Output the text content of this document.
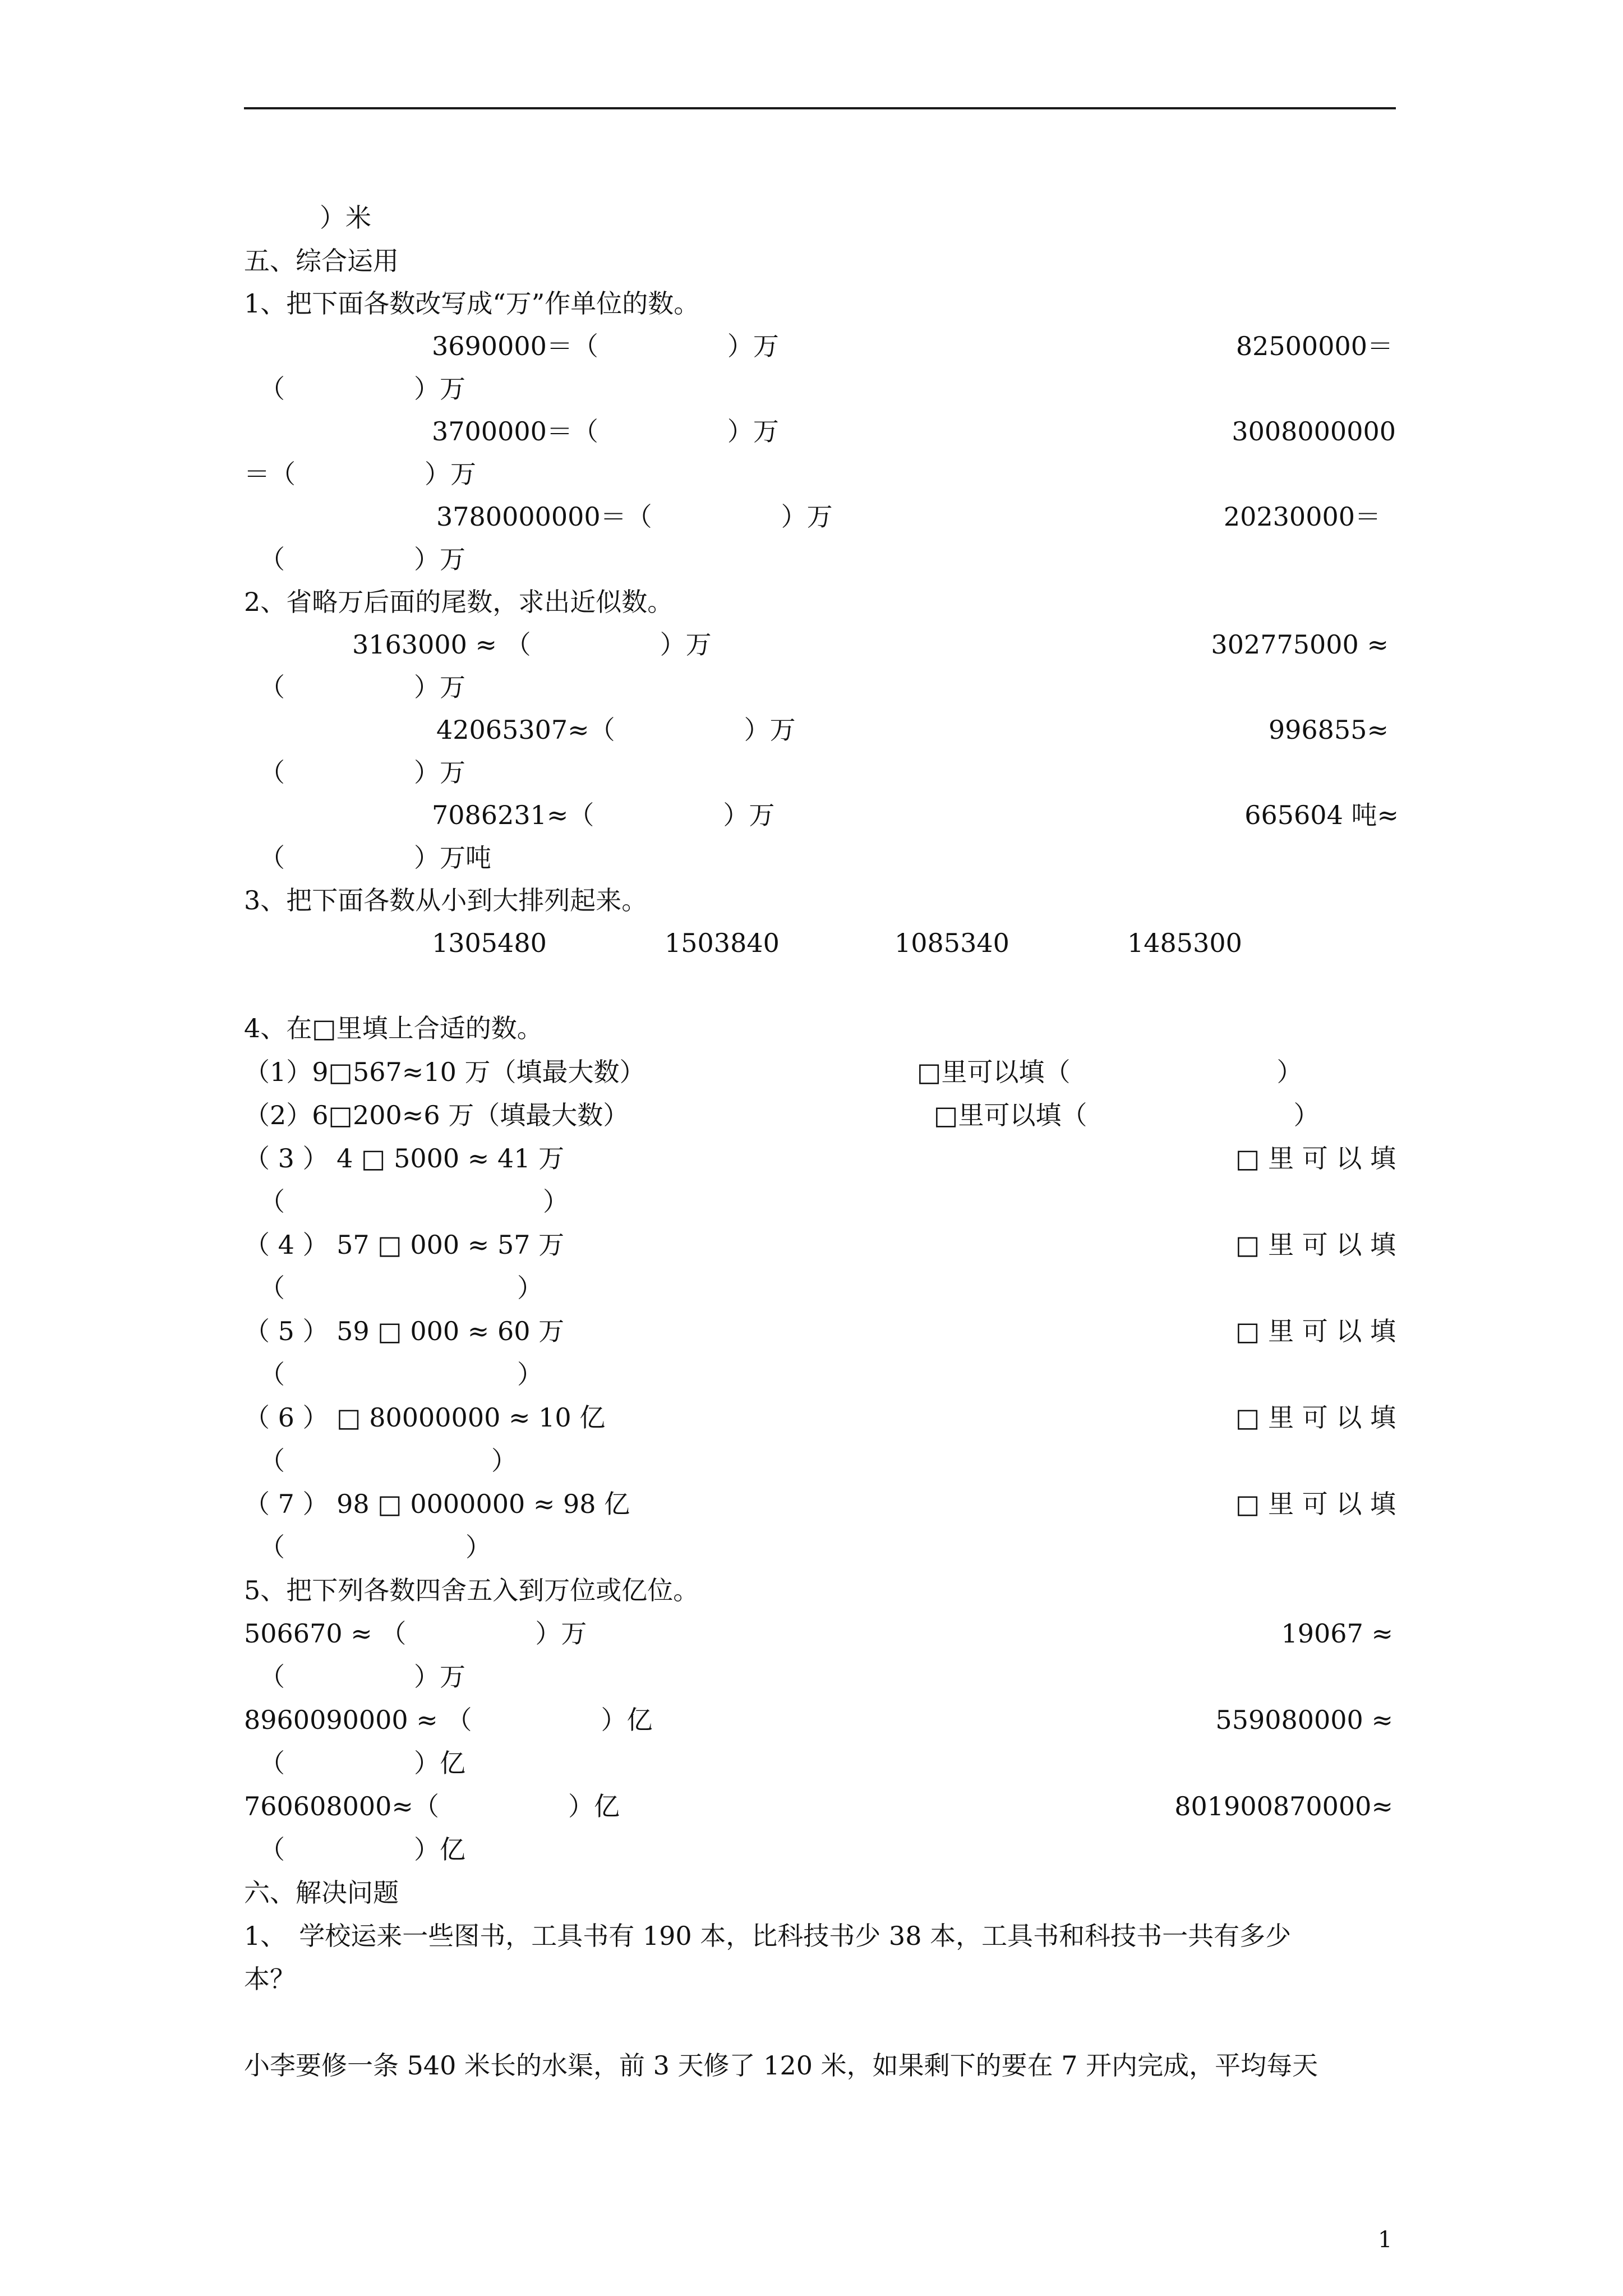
）米
五、综合运用
1、把下面各数改写成“万”作单位的数。
3690000＝（　　　　　）万	82500000＝
（　　　　　）万
3700000＝（　　　　　）万	3008000000
＝（　　　　　）万
3780000000＝（　　　　　）万	20230000＝
（　　　　　）万
2、省略万后面的尾数，求出近似数。
3163000 ≈ （　　　　　）万	302775000 ≈
（　　　　　）万
42065307≈（　　　　　）万	996855≈
（　　　　　）万
7086231≈（　　　　　）万	665604 吨≈
（　　　　　）万吨
3、把下面各数从小到大排列起来。
1305480	1503840	1085340	1485300
4、在□里填上合适的数。
（1）9□567≈10 万（填最大数）	□里可以填（　　　　　　　　）
（2）6□200≈6 万（填最大数）	□里可以填（　　　　　　　　）
（ 3 ） 4 □ 5000 ≈ 41 万	□ 里 可 以 填
（　　　　　　　　　　）
（ 4 ） 57 □ 000 ≈ 57 万	□ 里 可 以 填
（　　　　　　　　　）
（ 5 ） 59 □ 000 ≈ 60 万	□ 里 可 以 填
（　　　　　　　　　）
（ 6 ） □ 80000000 ≈ 10 亿	□ 里 可 以 填
（　　　　　　　　）
（ 7 ） 98 □ 0000000 ≈ 98 亿	□ 里 可 以 填
（　　　　　　　）
5、把下列各数四舍五入到万位或亿位。
506670 ≈ （　　　　　）万	19067 ≈
（　　　　　）万
8960090000 ≈ （　　　　　）亿	559080000 ≈
（　　　　　）亿
760608000≈（　　　　　）亿	801900870000≈
（　　　　　）亿
六、解决问题
1、　学校运来一些图书，工具书有 190 本，比科技书少 38 本，工具书和科技书一共有多少
本？
小李要修一条 540 米长的水渠，前 3 天修了 120 米，如果剩下的要在 7 开内完成，平均每天
1
